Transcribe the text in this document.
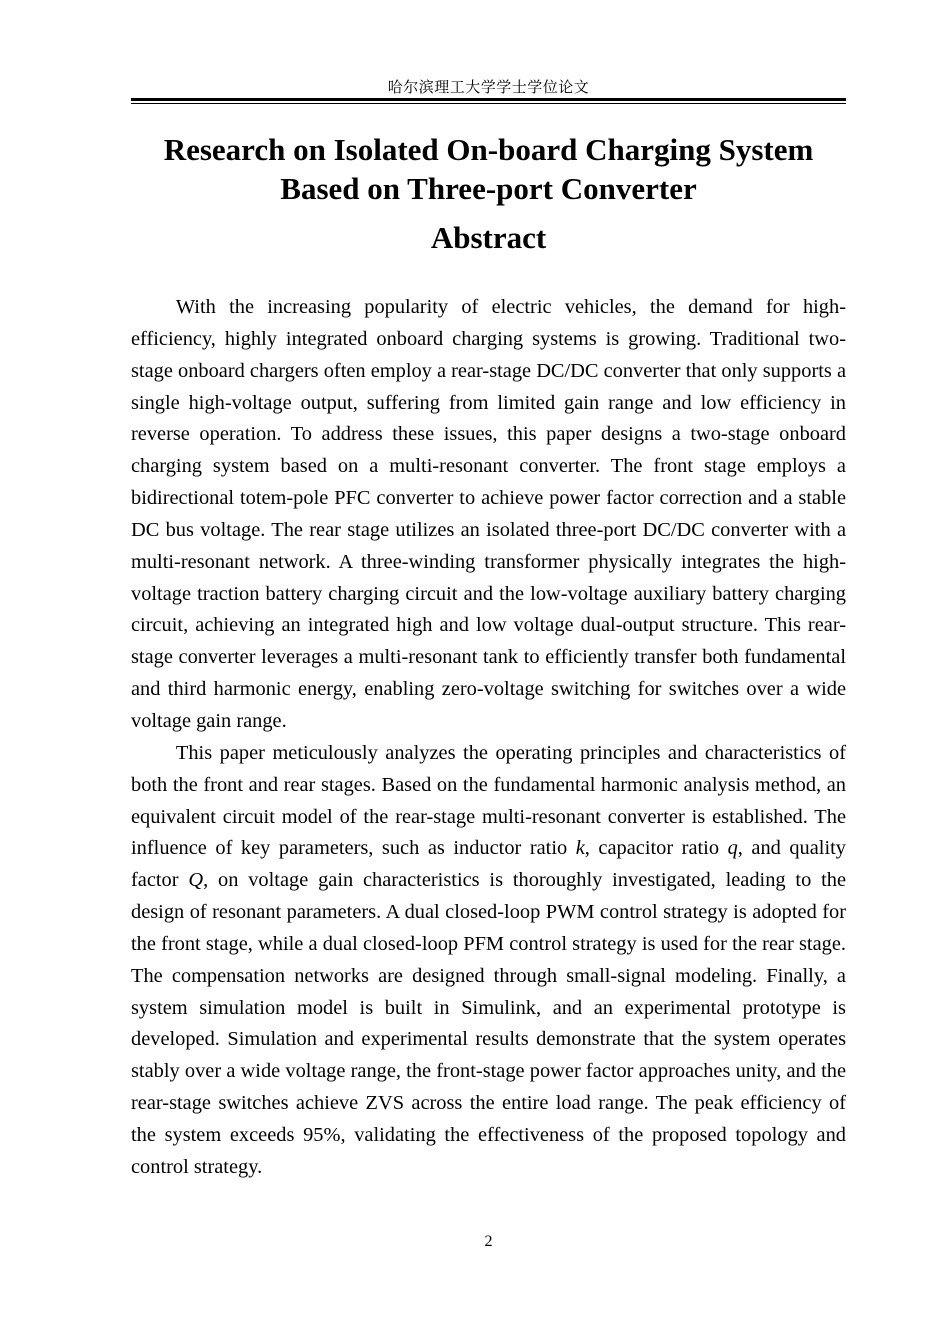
哈尔滨理工大学学士学位论文
Research on Isolated On-board Charging System
Based on Three-port Converter
Abstract

With the increasing popularity of electric vehicles, the demand for high-efficiency, highly integrated onboard charging systems is growing. Traditional two-stage onboard chargers often employ a rear-stage DC/DC converter that only supports a single high-voltage output, suffering from limited gain range and low efficiency in reverse operation. To address these issues, this paper designs a two-stage onboard charging system based on a multi-resonant converter. The front stage employs a bidirectional totem-pole PFC converter to achieve power factor correction and a stable DC bus voltage. The rear stage utilizes an isolated three-port DC/DC converter with a multi-resonant network. A three-winding transformer physically integrates the high-voltage traction battery charging circuit and the low-voltage auxiliary battery charging circuit, achieving an integrated high and low voltage dual-output structure. This rear-stage converter leverages a multi-resonant tank to efficiently transfer both fundamental and third harmonic energy, enabling zero-voltage switching for switches over a wide voltage gain range.

This paper meticulously analyzes the operating principles and characteristics of both the front and rear stages. Based on the fundamental harmonic analysis method, an equivalent circuit model of the rear-stage multi-resonant converter is established. The influence of key parameters, such as inductor ratio k, capacitor ratio q, and quality factor Q, on voltage gain characteristics is thoroughly investigated, leading to the design of resonant parameters. A dual closed-loop PWM control strategy is adopted for the front stage, while a dual closed-loop PFM control strategy is used for the rear stage. The compensation networks are designed through small-signal modeling. Finally, a system simulation model is built in Simulink, and an experimental prototype is developed. Simulation and experimental results demonstrate that the system operates stably over a wide voltage range, the front-stage power factor approaches unity, and the rear-stage switches achieve ZVS across the entire load range. The peak efficiency of the system exceeds 95%, validating the effectiveness of the proposed topology and control strategy.

2
